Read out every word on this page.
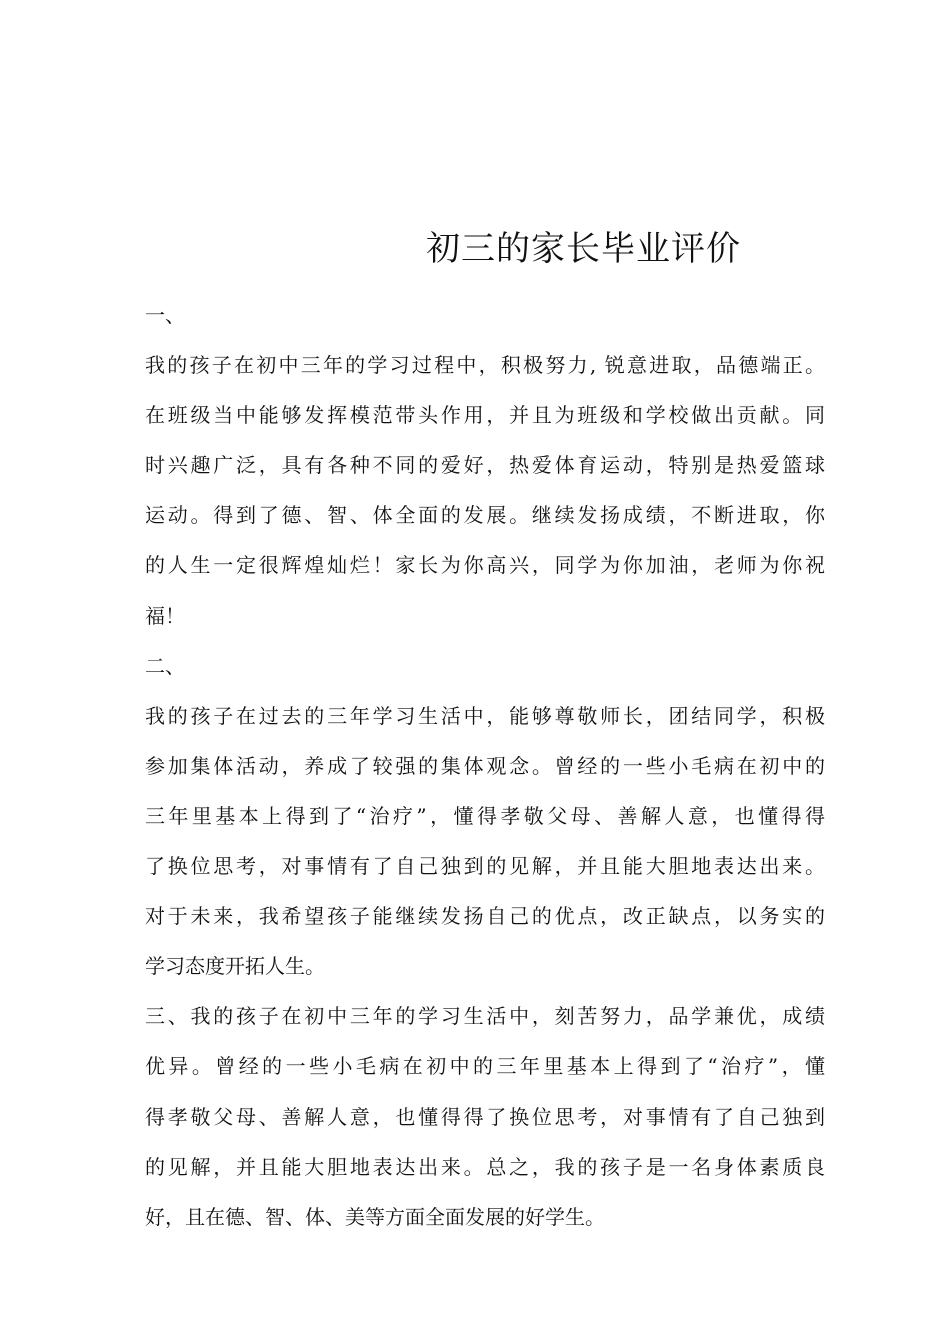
初三的家长毕业评价
一、
我的孩子在初中三年的学习过程中，积极努力, 锐意进取，品德端正。
在班级当中能够发挥模范带头作用，并且为班级和学校做出贡献。同
时兴趣广泛，具有各种不同的爱好，热爱体育运动，特别是热爱篮球
运动。得到了德、智、体全面的发展。继续发扬成绩，不断进取，你
的人生一定很辉煌灿烂！家长为你高兴，同学为你加油，老师为你祝
福！
二、
我的孩子在过去的三年学习生活中，能够尊敬师长，团结同学，积极
参加集体活动，养成了较强的集体观念。曾经的一些小毛病在初中的
三年里基本上得到了“治疗”，懂得孝敬父母、善解人意，也懂得得
了换位思考，对事情有了自己独到的见解，并且能大胆地表达出来。
对于未来，我希望孩子能继续发扬自己的优点，改正缺点，以务实的
学习态度开拓人生。
三、我的孩子在初中三年的学习生活中，刻苦努力，品学兼优，成绩
优异。曾经的一些小毛病在初中的三年里基本上得到了“治疗”，懂
得孝敬父母、善解人意，也懂得得了换位思考，对事情有了自己独到
的见解，并且能大胆地表达出来。总之，我的孩子是一名身体素质良
好，且在德、智、体、美等方面全面发展的好学生。
